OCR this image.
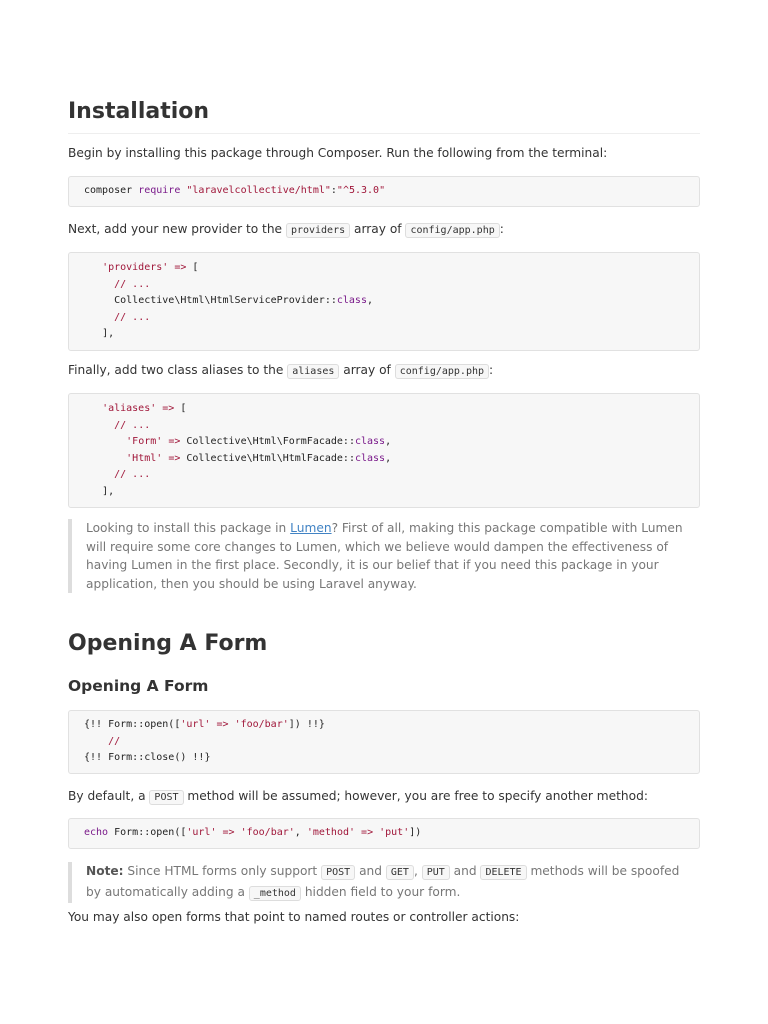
Installation

Begin by installing this package through Composer. Run the following from the terminal:

composer require "laravelcollective/html":"^5.3.0"

Next, add your new provider to the providers array of config/app.php :

'providers' => [
// ...
Collective\Html\HtmlServiceProvider::class,
// ...
],

Finally, add two class aliases to the aliases array of config/app.php :

'aliases' => [
// ...
'Form' => Collective\Html\FormFacade::class,
'Html' => Collective\Html\HtmlFacade::class,
// ...
],
Looking to install this package in Lumen? First of all, making this package compatible with Lumen will require some core changes to Lumen, which we believe would dampen the effectiveness of having Lumen in the first place. Secondly, it is our belief that if you need this package in your application, then you should be using Laravel anyway.
Opening A Form
Opening A Form
{!! Form::open(['url' => 'foo/bar']) !!}
//
{!! Form::close() !!}

By default, a POST method will be assumed; however, you are free to specify another method:

echo Form::open(['url' => 'foo/bar', 'method' => 'put'])
Note: Since HTML forms only support POST and GET , PUT and DELETE methods will be spoofed by automatically adding a _method hidden field to your form.

You may also open forms that point to named routes or controller actions:
